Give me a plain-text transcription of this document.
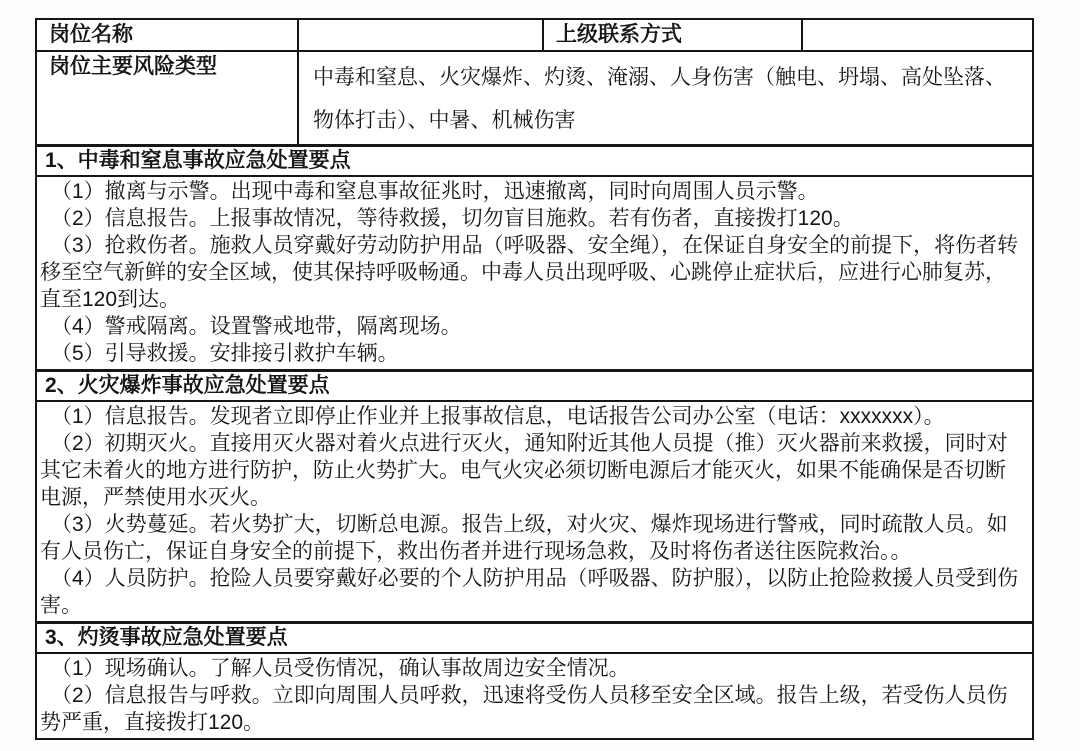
岗位名称	上级联系方式
岗位主要风险类型	中毒和窒息、火灾爆炸、灼烫、淹溺、人身伤害（触电、坍塌、高处坠落、物体打击）、中暑、机械伤害
1、中毒和窒息事故应急处置要点

（1）撤离与示警。出现中毒和窒息事故征兆时，迅速撤离，同时向周围人员示警。

（2）信息报告。上报事故情况，等待救援，切勿盲目施救。若有伤者，直接拨打120。

（3）抢救伤者。施救人员穿戴好劳动防护用品（呼吸器、安全绳），在保证自身安全的前提下，将伤者转移至空气新鲜的安全区域，使其保持呼吸畅通。中毒人员出现呼吸、心跳停止症状后，应进行心肺复苏，直至120到达。

（4）警戒隔离。设置警戒地带，隔离现场。

（5）引导救援。安排接引救护车辆。

2、火灾爆炸事故应急处置要点

（1）信息报告。发现者立即停止作业并上报事故信息，电话报告公司办公室（电话：xxxxxxx）。

（2）初期灭火。直接用灭火器对着火点进行灭火，通知附近其他人员提（推）灭火器前来救援，同时对其它未着火的地方进行防护，防止火势扩大。电气火灾必须切断电源后才能灭火，如果不能确保是否切断电源，严禁使用水灭火。

（3）火势蔓延。若火势扩大，切断总电源。报告上级，对火灾、爆炸现场进行警戒，同时疏散人员。如有人员伤亡，保证自身安全的前提下，救出伤者并进行现场急救，及时将伤者送往医院救治。。

（4）人员防护。抢险人员要穿戴好必要的个人防护用品（呼吸器、防护服），以防止抢险救援人员受到伤害。

3、灼烫事故应急处置要点

（1）现场确认。了解人员受伤情况，确认事故周边安全情况。

（2）信息报告与呼救。立即向周围人员呼救，迅速将受伤人员移至安全区域。报告上级，若受伤人员伤势严重，直接拨打120。
